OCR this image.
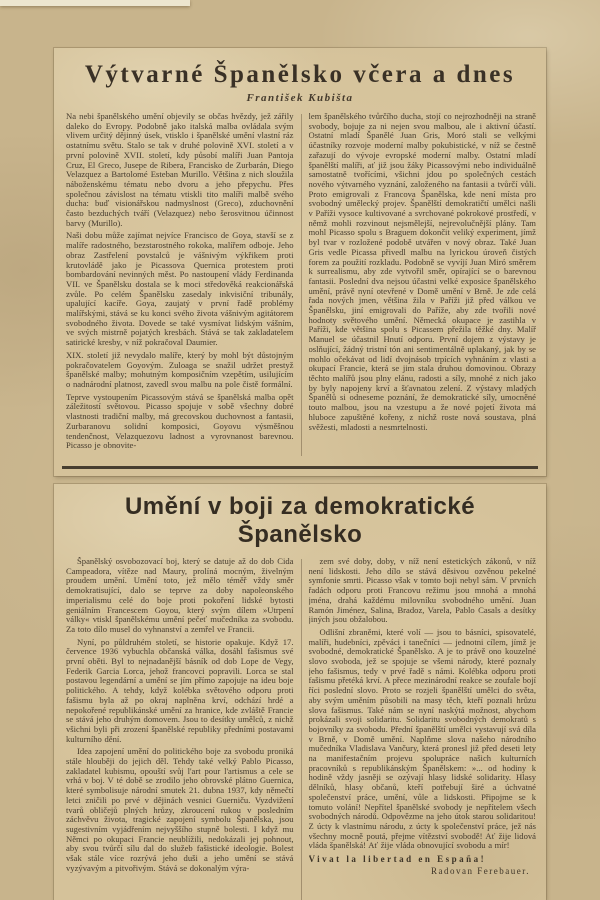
Výtvarné Španělsko včera a dnes
František Kubišta

Na nebi španělského umění objevily se občas hvězdy, jež zářily daleko do Evropy. Podobně jako italská malba ovládala svým vlivem určitý dějinný úsek, vtisklo i španělské umění vlastní ráz ostatnímu světu. Stalo se tak v druhé polovině XVI. století a v první polovině XVII. století, kdy působí malíři Juan Pantoja Cruz, El Greco, Jusepe de Ribera, Francisko de Zurbarán, Diego Velazquez a Bartolomé Esteban Murillo. Většina z nich sloužila náboženskému tématu nebo dvoru a jeho přepychu. Přes společnou závislost na tématu vtiskli tito malíři malbě svého ducha: buď visionářskou nadmyslnost (Greco), zduchovnění často bezduchých tváří (Velazquez) nebo šerosvitnou účinnost barvy (Murillo).

Naši dobu může zajímat nejvíce Francisco de Goya, stavší se z malíře radostného, bezstarostného rokoka, malířem odboje. Jeho obraz Zastřelení povstalců je vášnivým výkřikem proti krutovládě jako je Picassova Quernica protestem proti bombardování nevinných měst. Po nastoupení vlády Ferdinanda VII. ve Španělsku dostala se k moci středověká reakcionářská zvůle. Po celém Španělsku zasedaly inkvisiční tribunály, upalující kacíře. Goya, zaujatý v první řadě problémy malířskými, stává se ku konci svého života vášnivým agitátorem svobodného života. Dovede se také vysmívat lidským vášním, ve svých mistrně pojatých kresbách. Stává se tak zakladatelem satirické kresby, v níž pokračoval Daumier.

XIX. století již nevydalo malíře, který by mohl být důstojným pokračovatelem Goyovým. Zuloaga se snažil udržet prestyž španělské malby; mohutným komposičním vzepětím, usilujícím o nadnárodní platnost, zavedl svou malbu na pole čistě formální.

Teprve vystoupením Picassovým stává se španělská malba opět záležitostí světovou. Picasso spojuje v sobě všechny dobré vlastnosti tradiční malby, má grecovskou duchovnost a fantasii, Zurbaranovu solidní komposici, Goyovu výsměšnou tendenčnost, Velazquezovu ladnost a vyrovnanost barevnou. Picasso je obnovite-

lem španělského tvůrčího ducha, stojí co nejrozhodněji na straně svobody, bojuje za ni nejen svou malbou, ale i aktivní účastí. Ostatní mladí Španělé Juan Gris, Moró stali se velkými účastníky rozvoje moderní malby pokubistické, v níž se čestně zařazují do vývoje evropské moderní malby. Ostatní mladí španělští malíři, ať již jsou žáky Picassovými nebo individuálně samostatně tvořícími, všichni jdou po společných cestách nového výtvarného vyznání, založeného na fantasii a tvůrčí vůli. Proto emigrovali z Francova Španělska, kde není místa pro svobodný umělecký projev. Španělští demokratičtí umělci našli v Paříži vysoce kultivované a svrchované pokrokové prostředí, v němž mohli rozvinout nejsmělejší, nejrevolučnější plány. Tam mohl Picasso spolu s Braguem dokončit veliký experiment, jímž byl tvar v rozložené podobě utvářen v nový obraz. Také Juan Gris vedle Picassa přivedl malbu na lyrickou úroveň čistých forem za použití rozkladu. Podobně se vyvíjí Juan Miró směrem k surrealismu, aby zde vytvořil směr, opírající se o barevnou fantasii. Poslední dva nejsou účastni velké exposice španělského umění, právě nyní otevřené v Domě umění v Brně. Je zde celá řada nových jmen, většina žila v Paříži již před válkou ve Španělsku, jiní emigrovali do Paříže, aby zde tvořili nové hodnoty světového umění. Německá okupace je zastihla v Paříži, kde většina spolu s Picassem přežila těžké dny. Malíř Manuel se účastnil Hnutí odporu. První dojem z výstavy je oslňující, žádný tristní tón ani sentimentálně uplakaný, jak by se mohlo očekávat od lidí dvojnásob trpících vyhnáním z vlasti a okupací Francie, která se jim stala druhou domovinou. Obrazy těchto malířů jsou plny elánu, radosti a síly, mnohé z nich jako by byly napojeny krví a šťavnatou zelení. Z výstavy mladých Španělů si odneseme poznání, že demokratické síly, umocněné touto malbou, jsou na vzestupu a že nové pojetí života má hluboce zapuštěné kořeny, z nichž roste nová soustava, plná svěžesti, mladosti a nesmrtelnosti.

Umění v boji za demokratické Španělsko

Španělský osvobozovací boj, který se datuje až do dob Cida Campeadora, vítěze nad Maury, prolíná mocným, živelným proudem umění. Umění toto, jež mělo téměř vždy směr demokratisující, dalo se teprve za doby napoleonského imperialismu celé do boje proti pokoření lidské bytosti geniálním Francescem Goyou, který svým dílem »Utrpení války« vtiskl španělskému umění pečeť mučedníka za svobodu. Za toto dílo musel do vyhnanství a zemřel ve Francii.

Nyní, po půldruhém století, se historie opakuje. Když 17. července 1936 vybuchla občanská válka, dosáhl fašismus své první oběti. Byl to nejnadanější básník od dob Lope de Vegy, Federik Garcia Lorca, jehož francovci popravili. Lorca se stal postavou legendární a umění se jím přímo zapojuje na ideu boje politického. A tehdy, když kolébka světového odporu proti fašismu byla až po okraj naplněna krví, odchází hrdé a nepokořené republikánské umění za hranice, kde zvláště Francie se stává jeho druhým domovem. Jsou to desítky umělců, z nichž všichni byli při zrození španělské republiky předními postavami kulturního dění.

Idea zapojení umění do politického boje za svobodu proniká stále hlouběji do jejich děl. Tehdy také velký Pablo Picasso, zakladatel kubismu, opouští svůj l'art pour l'artismus a cele se vrhá v boj. V té době se zrodilo jeho obrovské plátno Guernica, které symbolisuje národní smutek 21. dubna 1937, kdy němečtí letci zničili po prvé v dějinách vesnici Guerniču. Vyzdvižení tvarů obličejů plných hrůzy, zkroucení rukou v posledním záchvěvu života, tragické zapojení symbolu Španělska, jsou sugestivním vyjádřením nejvyššího stupně bolesti. I když mu Němci po okupaci Francie neublížili, nedokázali jej pohnout, aby svou tvůrčí sílu dal do služeb fašistické ideologie. Bolest však stále více rozrývá jeho duši a jeho umění se stává vyzývavým a pitvořivým. Stává se dokonalým výra-

zem své doby, doby, v níž není estetických zákonů, v níž není lidskosti. Jeho dílo se stává děsivou ozvěnou pekelné symfonie smrti. Picasso však v tomto boji nebyl sám. V prvních řadách odporu proti Francovu režimu jsou mnohá a mnohá jména, drahá každému milovníku svobodného umění. Juan Ramón Jiménez, Salina, Bradoz, Varela, Pablo Casals a desítky jiných jsou obžalobou.

Odlišní zbraněmi, které volí — jsou to básníci, spisovatelé, malíři, hudebníci, zpěváci i tanečníci — jednotni cílem, jímž je svobodné, demokratické Španělsko. A je to právě ono kouzelné slovo svoboda, jež se spojuje se všemi národy, které poznaly jeho fašismus, tedy v prvé řadě s námi. Kolébka odporu proti fašismu přetéká krví. A přece mezinárodní reakce se zoufale bojí říci poslední slovo. Proto se rozjeli španělští umělci do světa, aby svým uměním působili na masy těch, kteří poznali hrůzu slova fašismus. Také nám se nyní naskýtá možnost, abychom prokázali svoji solidaritu. Solidaritu svobodných demokratů s bojovníky za svobodu. Přední španělští umělci vystavují svá díla v Brně, v Domě umění. Naplňme slova našeho národního mučedníka Vladislava Vančury, která pronesl již před deseti lety na manifestačním projevu spolupráce našich kulturních pracovníků s republikánským Španělskem: »... od hodiny k hodině vždy jasněji se ozývají hlasy lidské solidarity. Hlasy dělníků, hlasy občanů, kteří potřebují širé a úchvatné společenství práce, umění, vůle a lidskosti. Připojme se k tomuto volání! Nepřítel španělské svobody je nepřítelem všech svobodných národů. Odpovězme na jeho útok starou solidaritou! Z úcty k vlastnímu národu, z úcty k společenství práce, jež nás všechny mocně poutá, přejme vítězství svobodě! Ať žije lidová vláda španělská! Ať žije vláda obnovující svobodu a mír!

Vivat la libertad en España!
Radovan Ferebauer.
